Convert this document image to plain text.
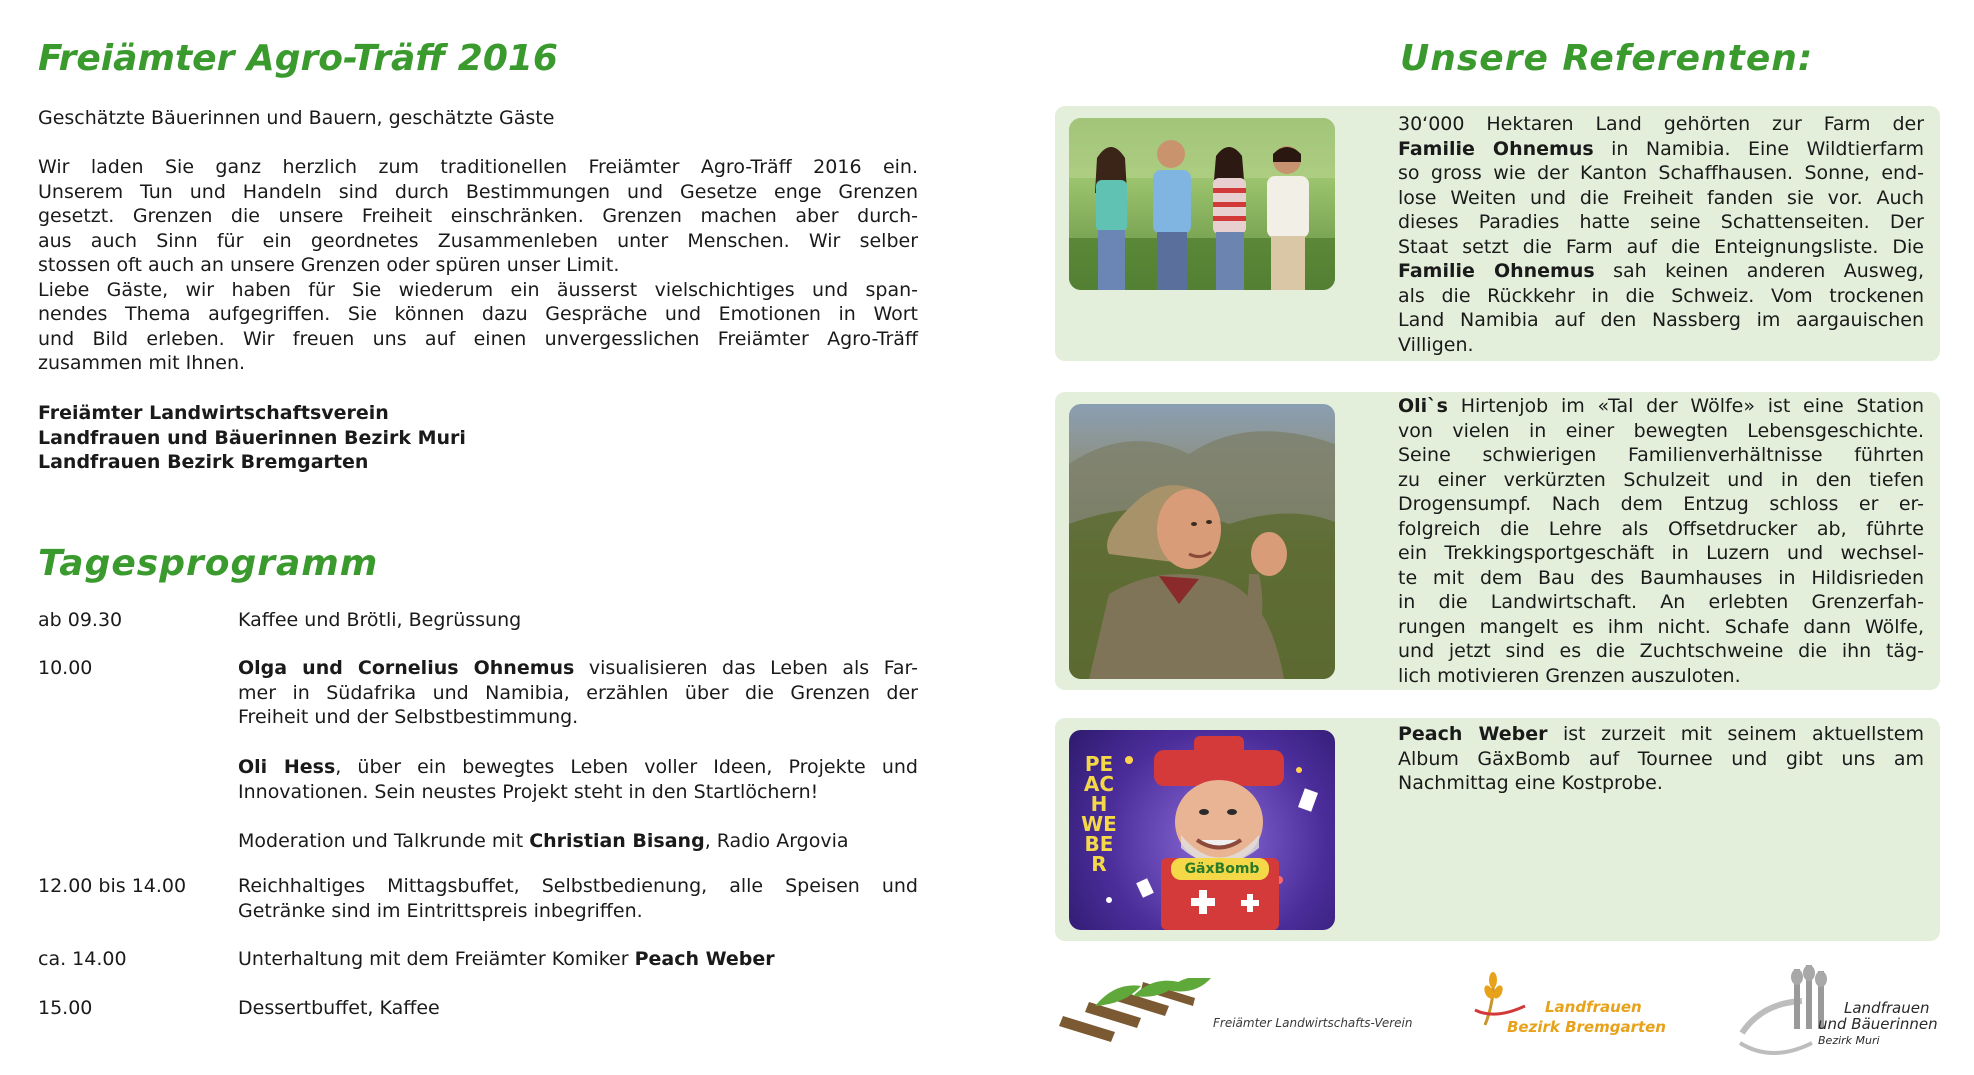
Freiämter Agro-Träff 2016
Geschätzte Bäuerinnen und Bauern, geschätzte Gäste
Wir laden Sie ganz herzlich zum traditionellen Freiämter Agro-Träff 2016 ein.
Unserem Tun und Handeln sind durch Bestimmungen und Gesetze enge Grenzen
gesetzt. Grenzen die unsere Freiheit einschränken. Grenzen machen aber durch-
aus auch Sinn für ein geordnetes Zusammenleben unter Menschen. Wir selber
stossen oft auch an unsere Grenzen oder spüren unser Limit.
Liebe Gäste, wir haben für Sie wiederum ein äusserst vielschichtiges und span-
nendes Thema aufgegriffen. Sie können dazu Gespräche und Emotionen in Wort
und Bild erleben. Wir freuen uns auf einen unvergesslichen Freiämter Agro-Träff
zusammen mit Ihnen.
Freiämter Landwirtschaftsverein
Landfrauen und Bäuerinnen Bezirk Muri
Landfrauen Bezirk Bremgarten
Tagesprogramm
ab 09.30	Kaffee und Brötli, Begrüssung
10.00	Olga und Cornelius Ohnemus visualisieren das Leben als Far-
mer in Südafrika und Namibia, erzählen über die Grenzen der
Freiheit und der Selbstbestimmung.
Oli Hess, über ein bewegtes Leben voller Ideen, Projekte und
Innovationen. Sein neustes Projekt steht in den Startlöchern!
Moderation und Talkrunde mit Christian Bisang, Radio Argovia
12.00 bis 14.00	Reichhaltiges Mittagsbuffet, Selbstbedienung, alle Speisen und
Getränke sind im Eintrittspreis inbegriffen.
ca. 14.00	Unterhaltung mit dem Freiämter Komiker Peach Weber
15.00	Dessertbuffet, Kaffee
Unsere Referenten:
30‘000 Hektaren Land gehörten zur Farm der
Familie Ohnemus in Namibia. Eine Wildtierfarm
so gross wie der Kanton Schaffhausen. Sonne, end-
lose Weiten und die Freiheit fanden sie vor. Auch
dieses Paradies hatte seine Schattenseiten. Der
Staat setzt die Farm auf die Enteignungsliste. Die
Familie Ohnemus sah keinen anderen Ausweg,
als die Rückkehr in die Schweiz. Vom trockenen
Land Namibia auf den Nassberg im aargauischen
Villigen.
Oli`s Hirtenjob im «Tal der Wölfe» ist eine Station
von vielen in einer bewegten Lebensgeschichte.
Seine schwierigen Familienverhältnisse führten
zu einer verkürzten Schulzeit und in den tiefen
Drogensumpf. Nach dem Entzug schloss er er-
folgreich die Lehre als Offsetdrucker ab, führte
ein Trekkingsportgeschäft in Luzern und wechsel-
te mit dem Bau des Baumhauses in Hildisrieden
in die Landwirtschaft. An erlebten Grenzerfah-
rungen mangelt es ihm nicht. Schafe dann Wölfe,
und jetzt sind es die Zuchtschweine die ihn täg-
lich motivieren Grenzen auszuloten.
PEACH WEBER	GäxBomb
Peach Weber ist zurzeit mit seinem aktuellstem
Album GäxBomb auf Tournee und gibt uns am
Nachmittag eine Kostprobe.
Freiämter Landwirtschafts-Verein
Landfrauen
Bezirk Bremgarten
Landfrauen
und Bäuerinnen
Bezirk Muri
